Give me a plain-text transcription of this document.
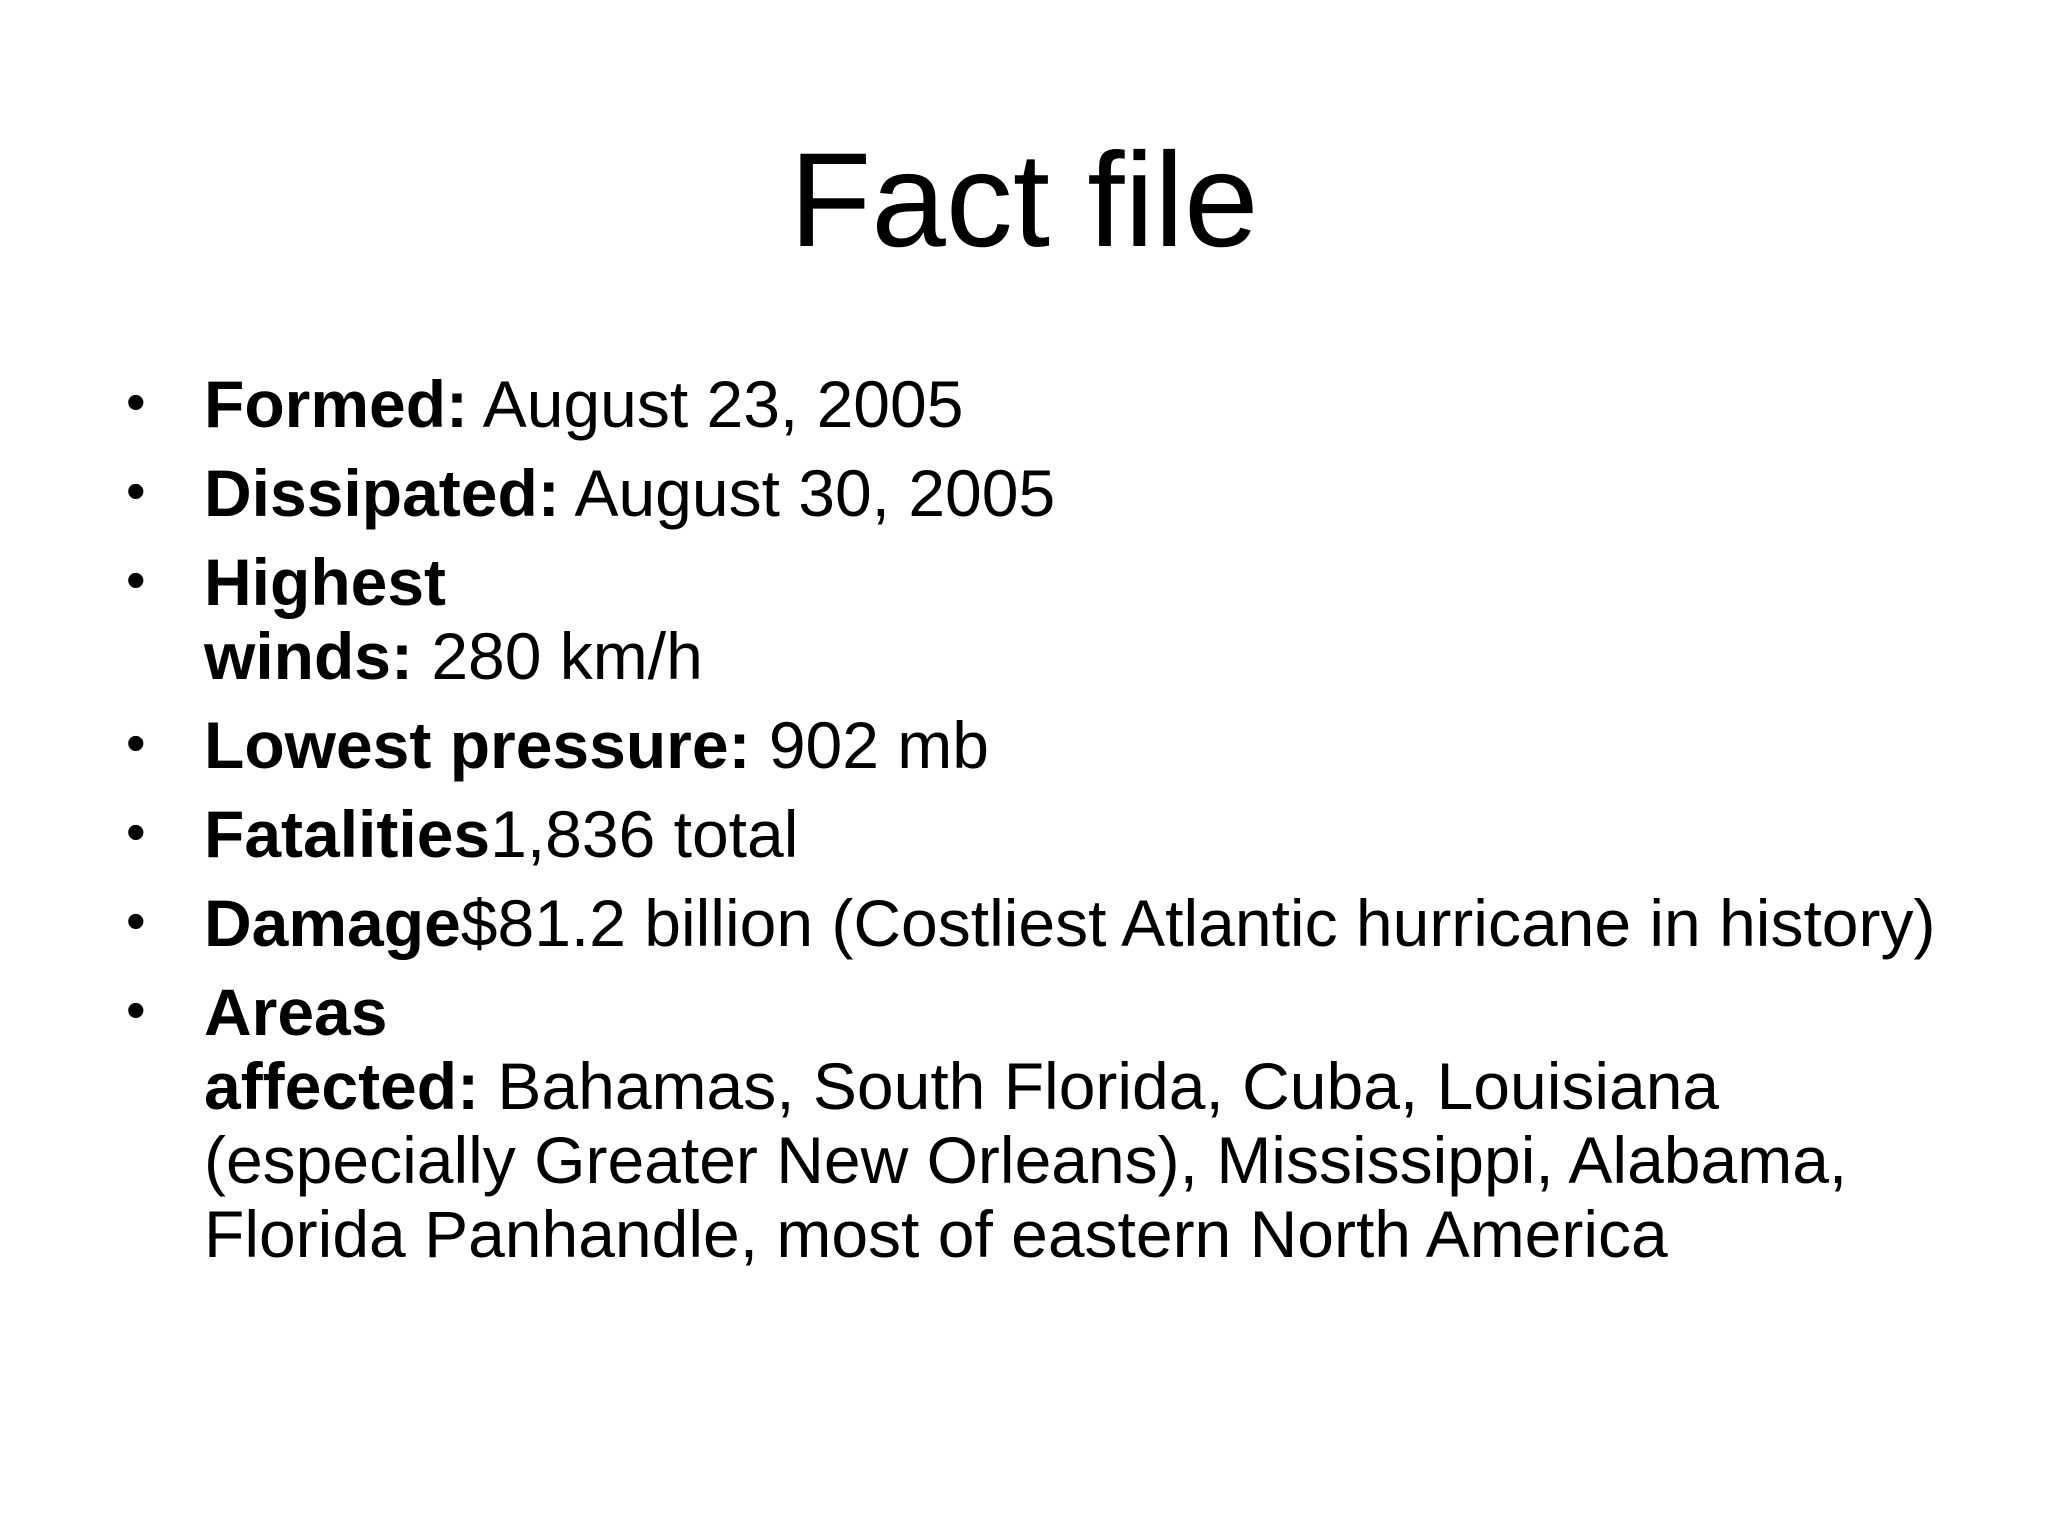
Fact file
• Formed: August 23, 2005
• Dissipated: August 30, 2005
• Highest
winds: 280 km/h
• Lowest pressure: 902 mb
• Fatalities1,836 total
• Damage$81.2 billion (Costliest Atlantic hurricane in history)
• Areas
affected: Bahamas, South Florida, Cuba, Louisiana (especially Greater New Orleans), Mississippi, Alabama, Florida Panhandle, most of eastern North America
